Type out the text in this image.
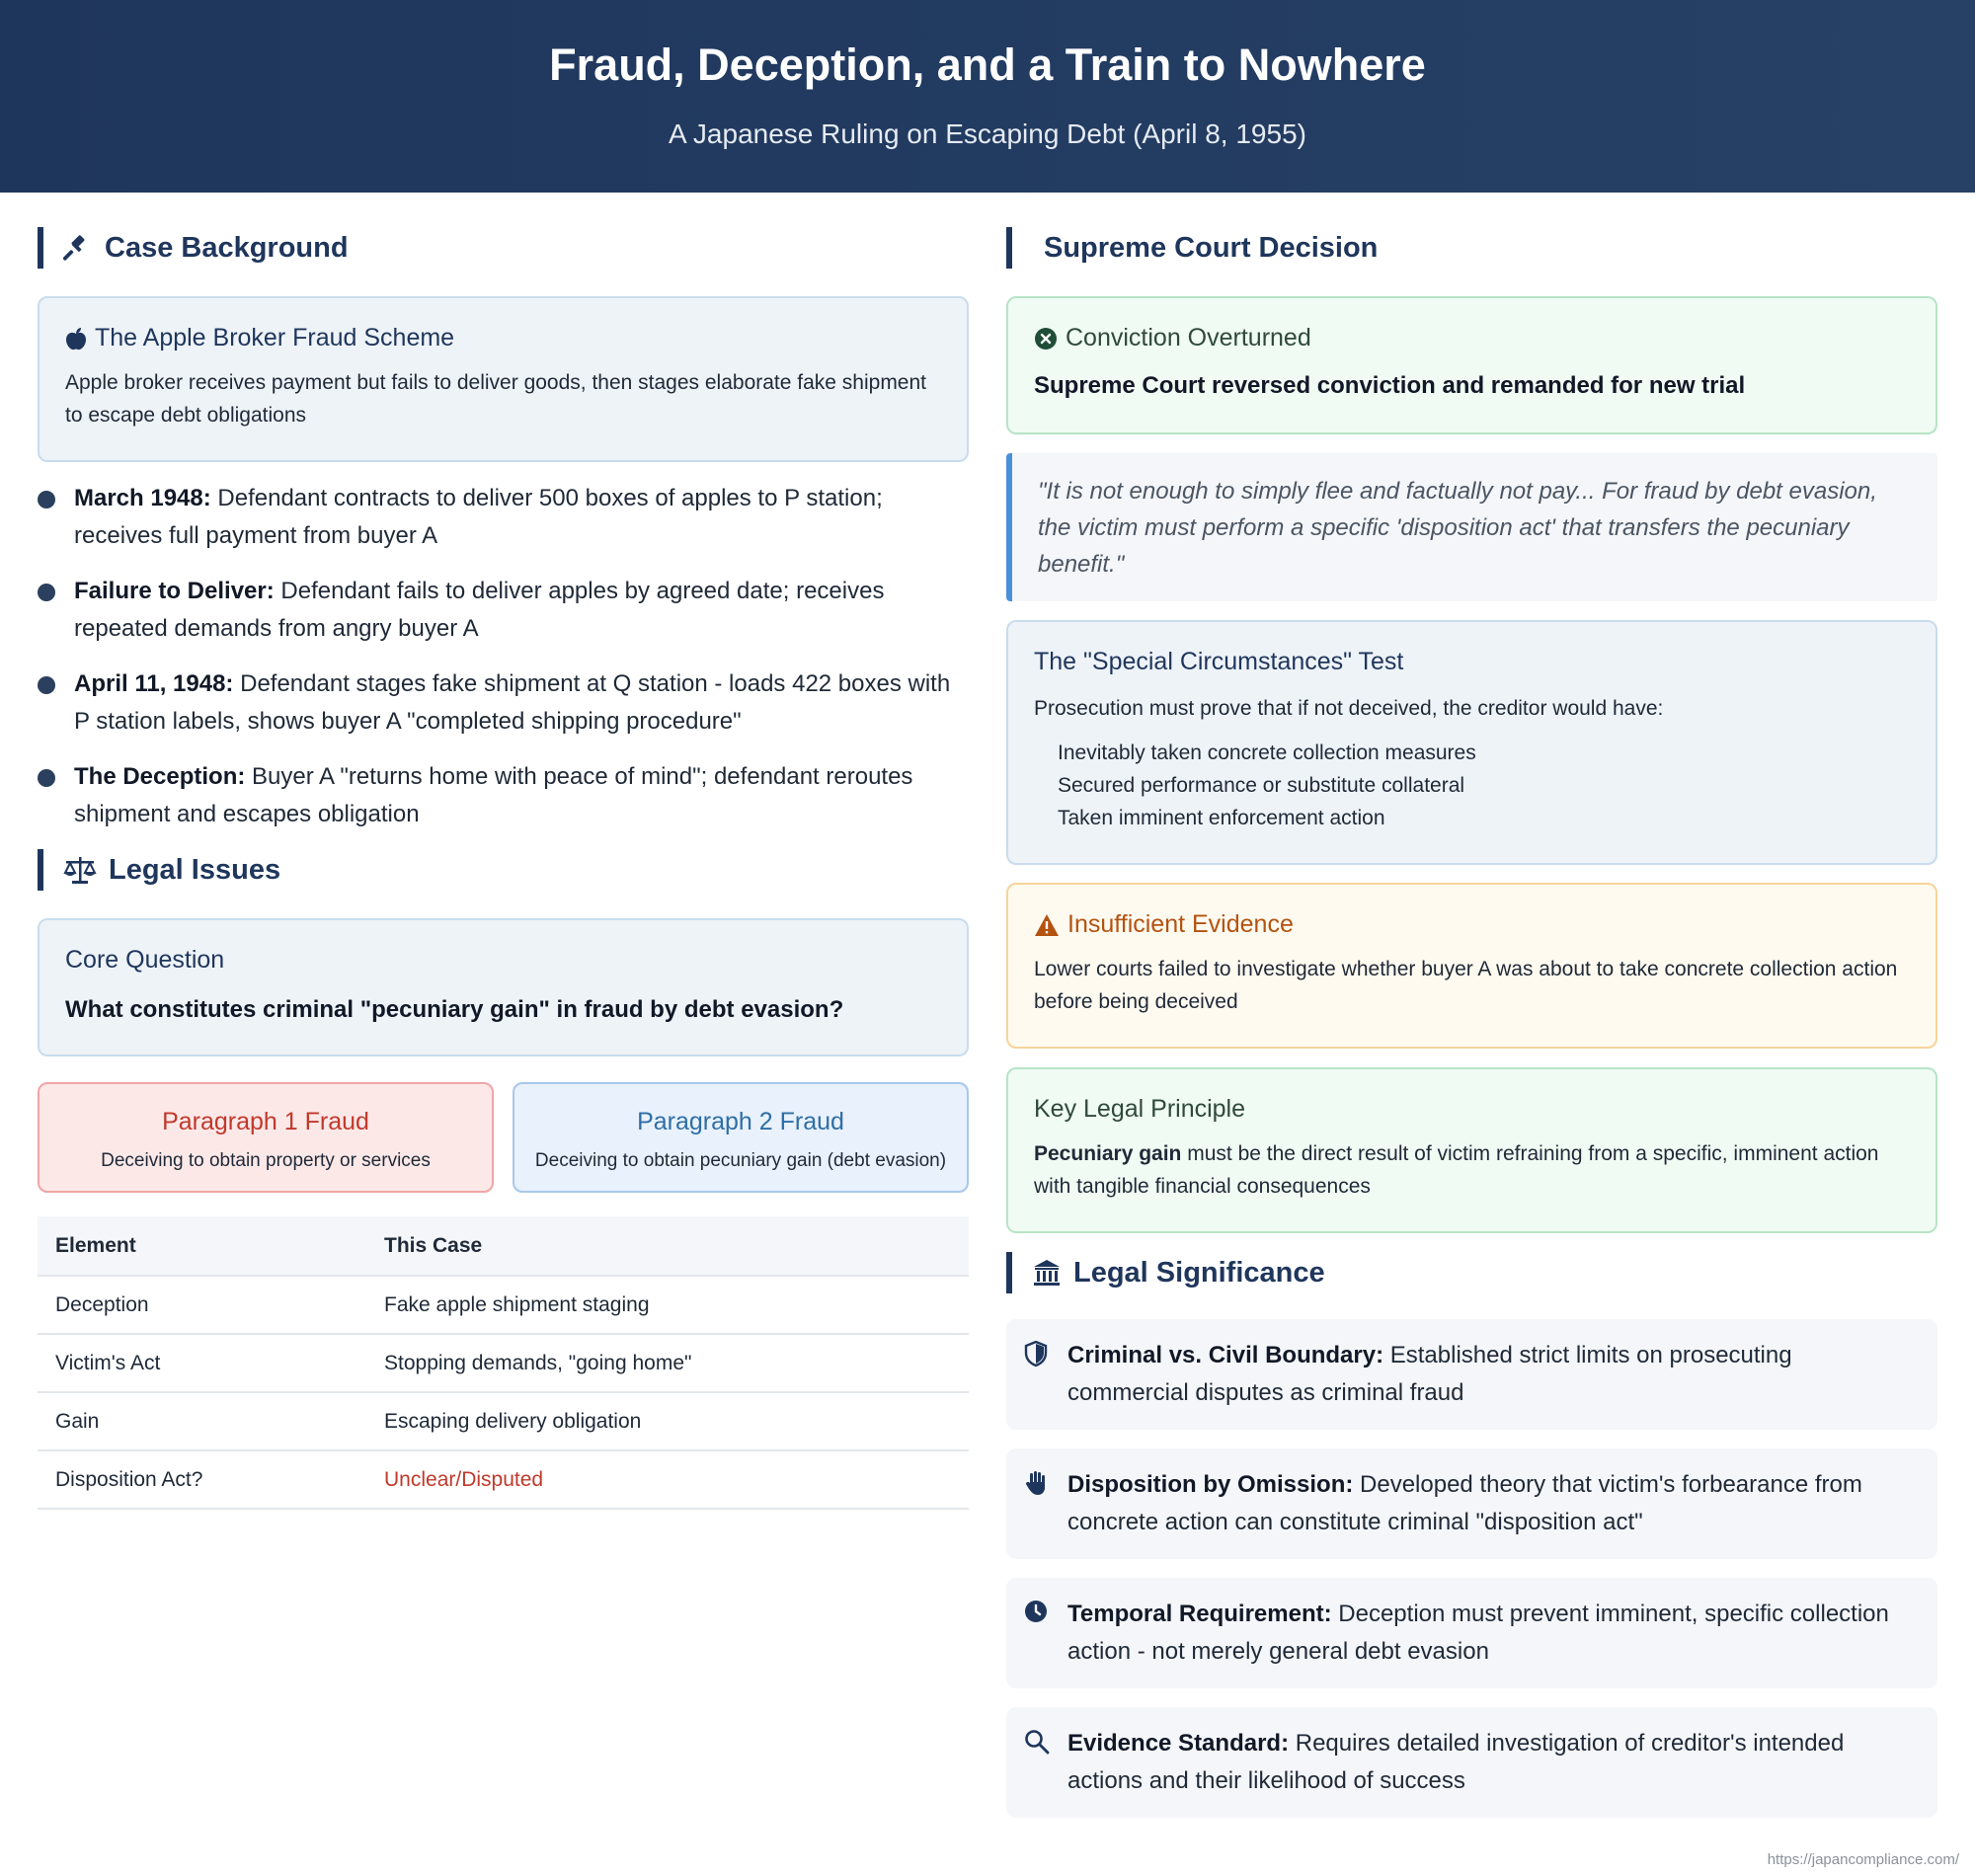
Fraud, Deception, and a Train to Nowhere
A Japanese Ruling on Escaping Debt (April 8, 1955)
Case Background
The Apple Broker Fraud Scheme
Apple broker receives payment but fails to deliver goods, then stages elaborate fake shipment to escape debt obligations
March 1948: Defendant contracts to deliver 500 boxes of apples to P station; receives full payment from buyer A
Failure to Deliver: Defendant fails to deliver apples by agreed date; receives repeated demands from angry buyer A
April 11, 1948: Defendant stages fake shipment at Q station - loads 422 boxes with P station labels, shows buyer A "completed shipping procedure"
The Deception: Buyer A "returns home with peace of mind"; defendant reroutes shipment and escapes obligation
Legal Issues
Core Question
What constitutes criminal "pecuniary gain" in fraud by debt evasion?
Paragraph 1 Fraud
Deceiving to obtain property or services
Paragraph 2 Fraud
Deceiving to obtain pecuniary gain (debt evasion)
Element	This Case
Deception	Fake apple shipment staging
Victim's Act	Stopping demands, "going home"
Gain	Escaping delivery obligation
Disposition Act?	Unclear/Disputed
Supreme Court Decision
Conviction Overturned
Supreme Court reversed conviction and remanded for new trial
"It is not enough to simply flee and factually not pay... For fraud by debt evasion, the victim must perform a specific 'disposition act' that transfers the pecuniary benefit."
The "Special Circumstances" Test
Prosecution must prove that if not deceived, the creditor would have:
Inevitably taken concrete collection measures
Secured performance or substitute collateral
Taken imminent enforcement action
Insufficient Evidence
Lower courts failed to investigate whether buyer A was about to take concrete collection action before being deceived
Key Legal Principle
Pecuniary gain must be the direct result of victim refraining from a specific, imminent action with tangible financial consequences
Legal Significance
Criminal vs. Civil Boundary: Established strict limits on prosecuting commercial disputes as criminal fraud
Disposition by Omission: Developed theory that victim's forbearance from concrete action can constitute criminal "disposition act"
Temporal Requirement: Deception must prevent imminent, specific collection action - not merely general debt evasion
Evidence Standard: Requires detailed investigation of creditor's intended actions and their likelihood of success
https://japancompliance.com/
